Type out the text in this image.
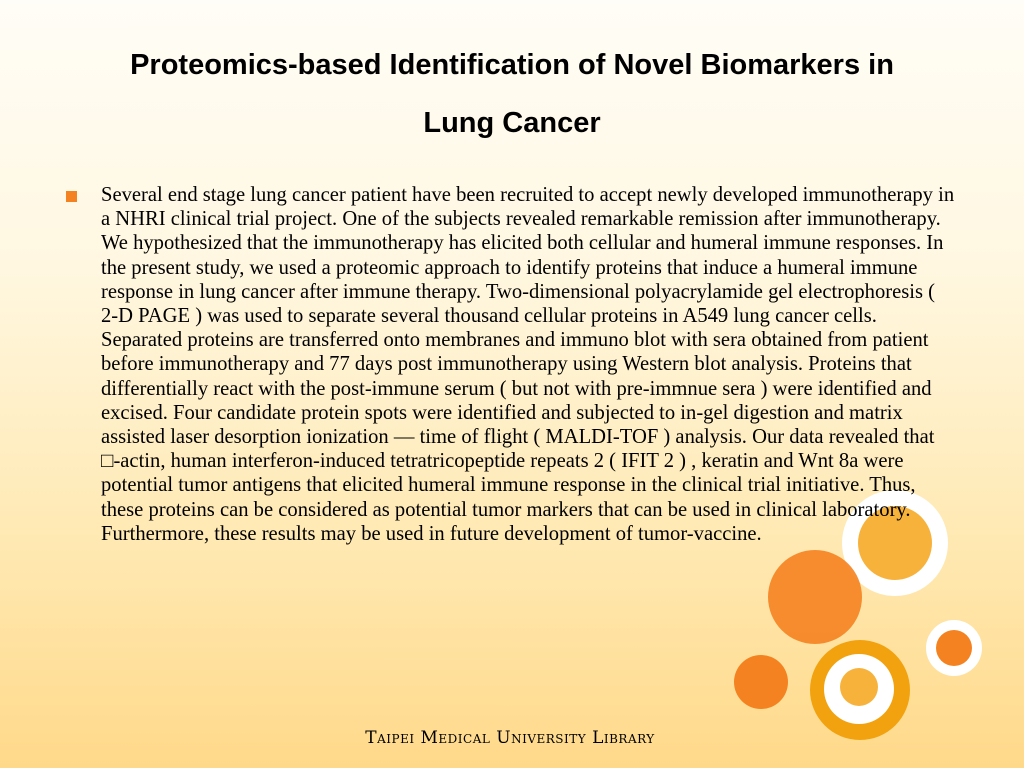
Proteomics-based Identification of Novel Biomarkers in
Lung Cancer
Several end stage lung cancer patient have been recruited to accept newly developed immunotherapy in a NHRI clinical trial project. One of the subjects revealed remarkable remission after immunotherapy. We hypothesized that the immunotherapy has elicited both cellular and humeral immune responses. In the present study, we used a proteomic approach to identify proteins that induce a humeral immune response in lung cancer after immune therapy. Two-dimensional polyacrylamide gel electrophoresis ( 2-D PAGE ) was used to separate several thousand cellular proteins in A549 lung cancer cells. Separated proteins are transferred onto membranes and immuno blot with sera obtained from patient before immunotherapy and 77 days post immunotherapy using Western blot analysis. Proteins that differentially react with the post-immune serum ( but not with pre-immnue sera ) were identified and excised. Four candidate protein spots were identified and subjected to in-gel digestion and matrix assisted laser desorption ionization — time of flight ( MALDI-TOF ) analysis. Our data revealed that □-actin, human interferon-induced tetratricopeptide repeats 2 ( IFIT 2 ) , keratin and Wnt 8a were potential tumor antigens that elicited humeral immune response in the clinical trial initiative. Thus, these proteins can be considered as potential tumor markers that can be used in clinical laboratory. Furthermore, these results may be used in future development of tumor-vaccine.
Taipei Medical University Library
